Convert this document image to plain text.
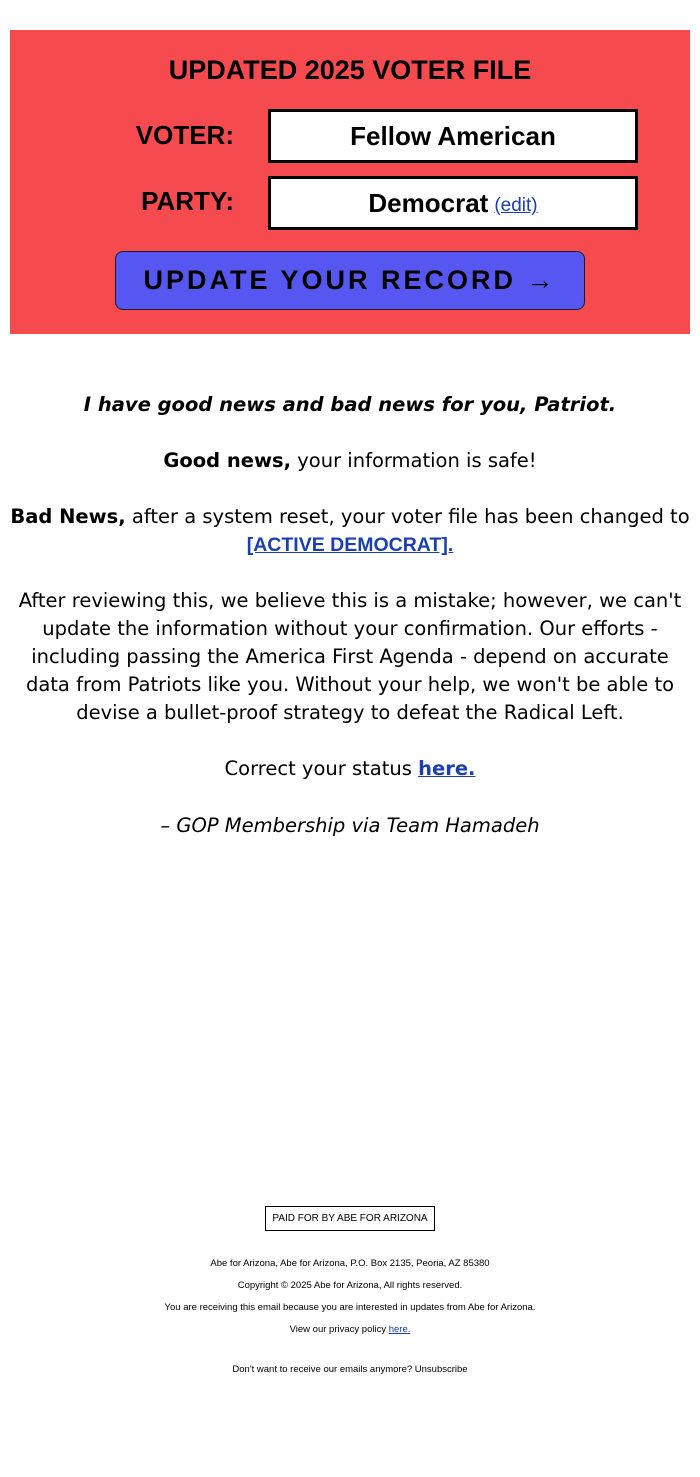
UPDATED 2025 VOTER FILE
VOTER:	Fellow American
PARTY:	Democrat (edit)
UPDATE YOUR RECORD →
I have good news and bad news for you, Patriot.
Good news, your information is safe!
Bad News, after a system reset, your voter file has been changed to
[ACTIVE DEMOCRAT].
After reviewing this, we believe this is a mistake; however, we can't update the information without your confirmation. Our efforts - including passing the America First Agenda - depend on accurate data from Patriots like you. Without your help, we won't be able to devise a bullet-proof strategy to defeat the Radical Left.
Correct your status here.
– GOP Membership via Team Hamadeh
PAID FOR BY ABE FOR ARIZONA
Abe for Arizona, Abe for Arizona, P.O. Box 2135, Peoria, AZ 85380
Copyright © 2025 Abe for Arizona, All rights reserved.
You are receiving this email because you are interested in updates from Abe for Arizona.
View our privacy policy here.
Don't want to receive our emails anymore? Unsubscribe
